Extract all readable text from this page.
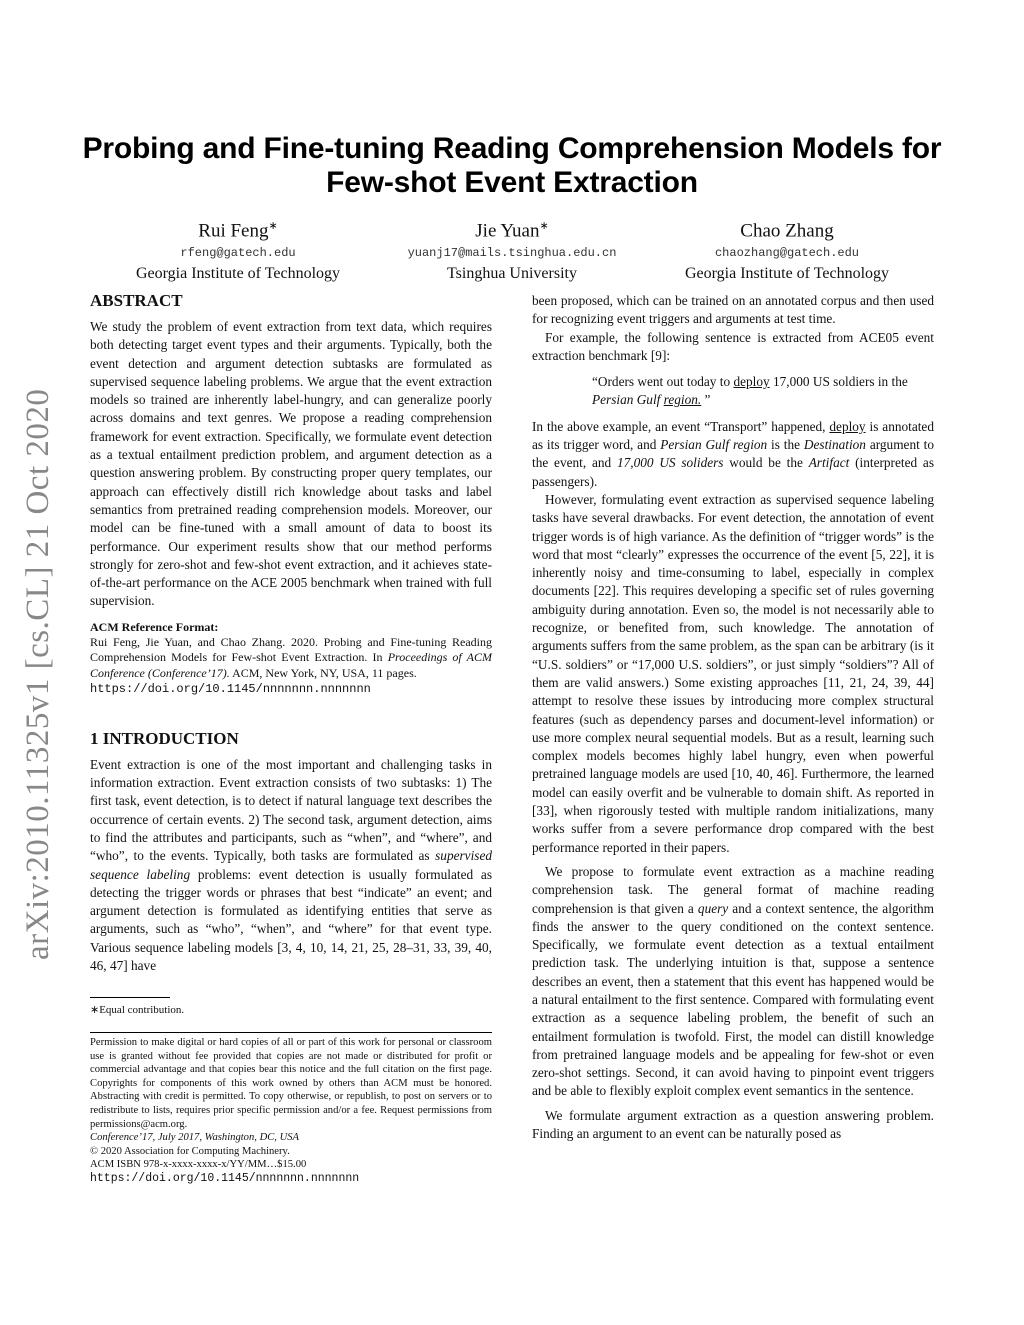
Probing and Fine-tuning Reading Comprehension Models for
Few-shot Event Extraction
Rui Feng∗
rfeng@gatech.edu
Georgia Institute of Technology
Jie Yuan∗
yuanj17@mails.tsinghua.edu.cn
Tsinghua University
Chao Zhang
chaozhang@gatech.edu
Georgia Institute of Technology
arXiv:2010.11325v1 [cs.CL] 21 Oct 2020
ABSTRACT

We study the problem of event extraction from text data, which requires both detecting target event types and their arguments. Typically, both the event detection and argument detection subtasks are formulated as supervised sequence labeling problems. We argue that the event extraction models so trained are inherently label-hungry, and can generalize poorly across domains and text genres. We propose a reading comprehension framework for event extraction. Specifically, we formulate event detection as a textual entailment prediction problem, and argument detection as a question answering problem. By constructing proper query templates, our approach can effectively distill rich knowledge about tasks and label semantics from pretrained reading comprehension models. Moreover, our model can be fine-tuned with a small amount of data to boost its performance. Our experiment results show that our method performs strongly for zero-shot and few-shot event extraction, and it achieves state-of-the-art performance on the ACE 2005 benchmark when trained with full supervision.

ACM Reference Format:
Rui Feng, Jie Yuan, and Chao Zhang. 2020. Probing and Fine-tuning Reading Comprehension Models for Few-shot Event Extraction. In Proceedings of ACM Conference (Conference’17). ACM, New York, NY, USA, 11 pages.
https://doi.org/10.1145/nnnnnnn.nnnnnnn
1 INTRODUCTION

Event extraction is one of the most important and challenging tasks in information extraction. Event extraction consists of two subtasks: 1) The first task, event detection, is to detect if natural language text describes the occurrence of certain events. 2) The second task, argument detection, aims to find the attributes and participants, such as “when”, and “where”, and “who”, to the events. Typically, both tasks are formulated as supervised sequence labeling problems: event detection is usually formulated as detecting the trigger words or phrases that best “indicate” an event; and argument detection is formulated as identifying entities that serve as arguments, such as “who”, “when”, and “where” for that event type. Various sequence labeling models [3, 4, 10, 14, 21, 25, 28–31, 33, 39, 40, 46, 47] have

∗Equal contribution.
Permission to make digital or hard copies of all or part of this work for personal or classroom use is granted without fee provided that copies are not made or distributed for profit or commercial advantage and that copies bear this notice and the full citation on the first page. Copyrights for components of this work owned by others than ACM must be honored. Abstracting with credit is permitted. To copy otherwise, or republish, to post on servers or to redistribute to lists, requires prior specific permission and/or a fee. Request permissions from permissions@acm.org.
Conference’17, July 2017, Washington, DC, USA
© 2020 Association for Computing Machinery.
ACM ISBN 978-x-xxxx-xxxx-x/YY/MM…$15.00
https://doi.org/10.1145/nnnnnnn.nnnnnnn

been proposed, which can be trained on an annotated corpus and then used for recognizing event triggers and arguments at test time.

For example, the following sentence is extracted from ACE05 event extraction benchmark [9]:

“Orders went out today to deploy 17,000 US soldiers in the Persian Gulf region. ”

In the above example, an event “Transport” happened, deploy is annotated as its trigger word, and Persian Gulf region is the Destination argument to the event, and 17,000 US soliders would be the Artifact (interpreted as passengers).

However, formulating event extraction as supervised sequence labeling tasks have several drawbacks. For event detection, the annotation of event trigger words is of high variance. As the definition of “trigger words” is the word that most “clearly” expresses the occurrence of the event [5, 22], it is inherently noisy and time-consuming to label, especially in complex documents [22]. This requires developing a specific set of rules governing ambiguity during annotation. Even so, the model is not necessarily able to recognize, or benefited from, such knowledge. The annotation of arguments suffers from the same problem, as the span can be arbitrary (is it “U.S. soldiers” or “17,000 U.S. soldiers”, or just simply “soldiers”? All of them are valid answers.) Some existing approaches [11, 21, 24, 39, 44] attempt to resolve these issues by introducing more complex structural features (such as dependency parses and document-level information) or use more complex neural sequential models. But as a result, learning such complex models becomes highly label hungry, even when powerful pretrained language models are used [10, 40, 46]. Furthermore, the learned model can easily overfit and be vulnerable to domain shift. As reported in [33], when rigorously tested with multiple random initializations, many works suffer from a severe performance drop compared with the best performance reported in their papers.

We propose to formulate event extraction as a machine reading comprehension task. The general format of machine reading comprehension is that given a query and a context sentence, the algorithm finds the answer to the query conditioned on the context sentence. Specifically, we formulate event detection as a textual entailment prediction task. The underlying intuition is that, suppose a sentence describes an event, then a statement that this event has happened would be a natural entailment to the first sentence. Compared with formulating event extraction as a sequence labeling problem, the benefit of such an entailment formulation is twofold. First, the model can distill knowledge from pretrained language models and be appealing for few-shot or even zero-shot settings. Second, it can avoid having to pinpoint event triggers and be able to flexibly exploit complex event semantics in the sentence.

We formulate argument extraction as a question answering problem. Finding an argument to an event can be naturally posed as
